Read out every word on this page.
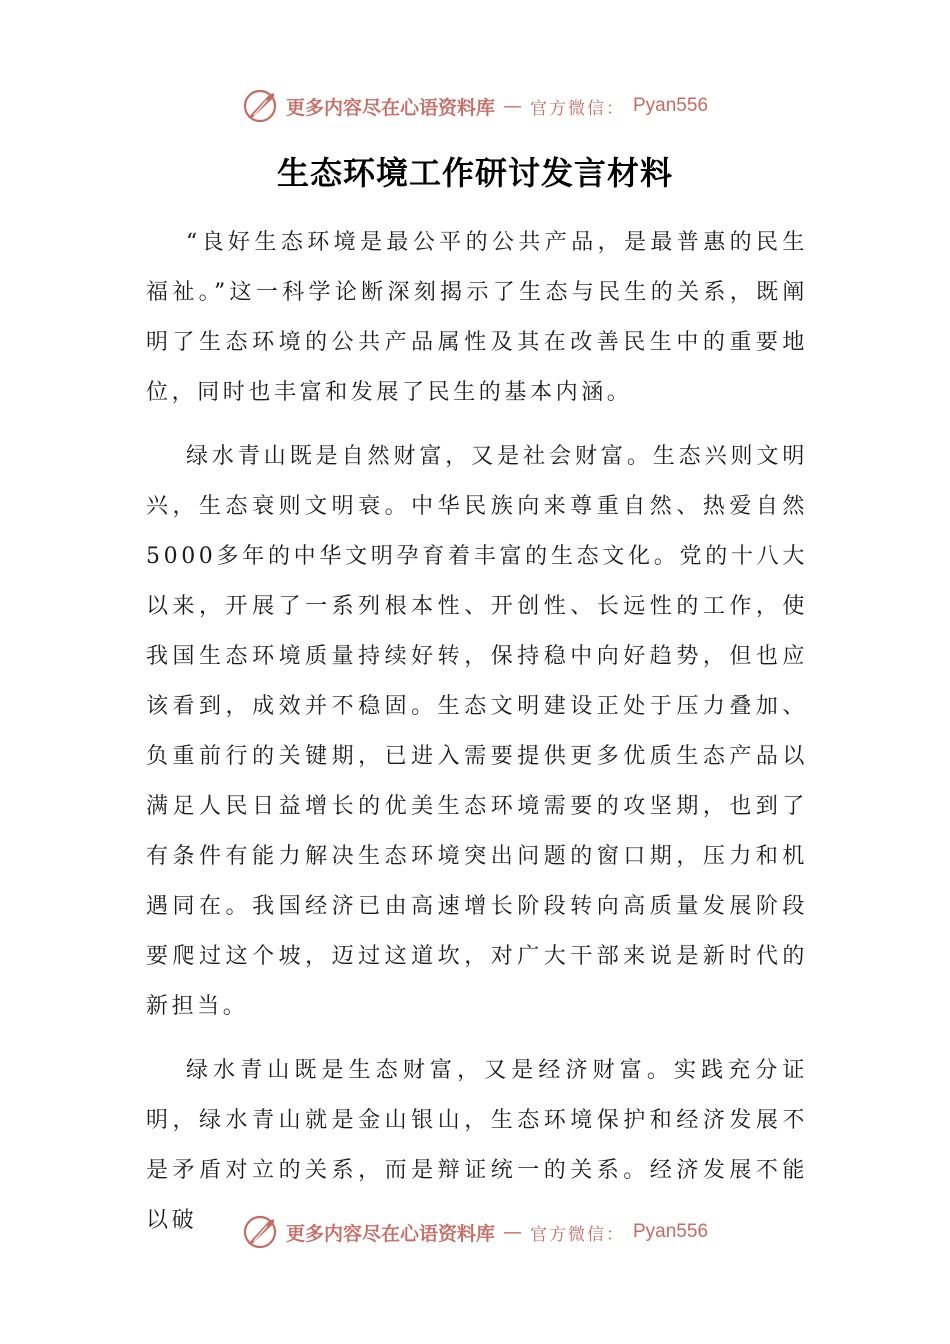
更多内容尽在心语资料库 — 官方微信： Pyan556
生态环境工作研讨发言材料

“良好生态环境是最公平的公共产品，是最普惠的民生福祉。”这一科学论断深刻揭示了生态与民生的关系，既阐明了生态环境的公共产品属性及其在改善民生中的重要地位，同时也丰富和发展了民生的基本内涵。

绿水青山既是自然财富，又是社会财富。生态兴则文明兴，生态衰则文明衰。中华民族向来尊重自然、热爱自然5000多年的中华文明孕育着丰富的生态文化。党的十八大以来，开展了一系列根本性、开创性、长远性的工作，使我国生态环境质量持续好转，保持稳中向好趋势，但也应该看到，成效并不稳固。生态文明建设正处于压力叠加、负重前行的关键期，已进入需要提供更多优质生态产品以满足人民日益增长的优美生态环境需要的攻坚期，也到了有条件有能力解决生态环境突出问题的窗口期，压力和机遇同在。我国经济已由高速增长阶段转向高质量发展阶段要爬过这个坡，迈过这道坎，对广大干部来说是新时代的新担当。

绿水青山既是生态财富，又是经济财富。实践充分证明，绿水青山就是金山银山，生态环境保护和经济发展不是矛盾对立的关系，而是辩证统一的关系。经济发展不能以破

更多内容尽在心语资料库 — 官方微信： Pyan556
